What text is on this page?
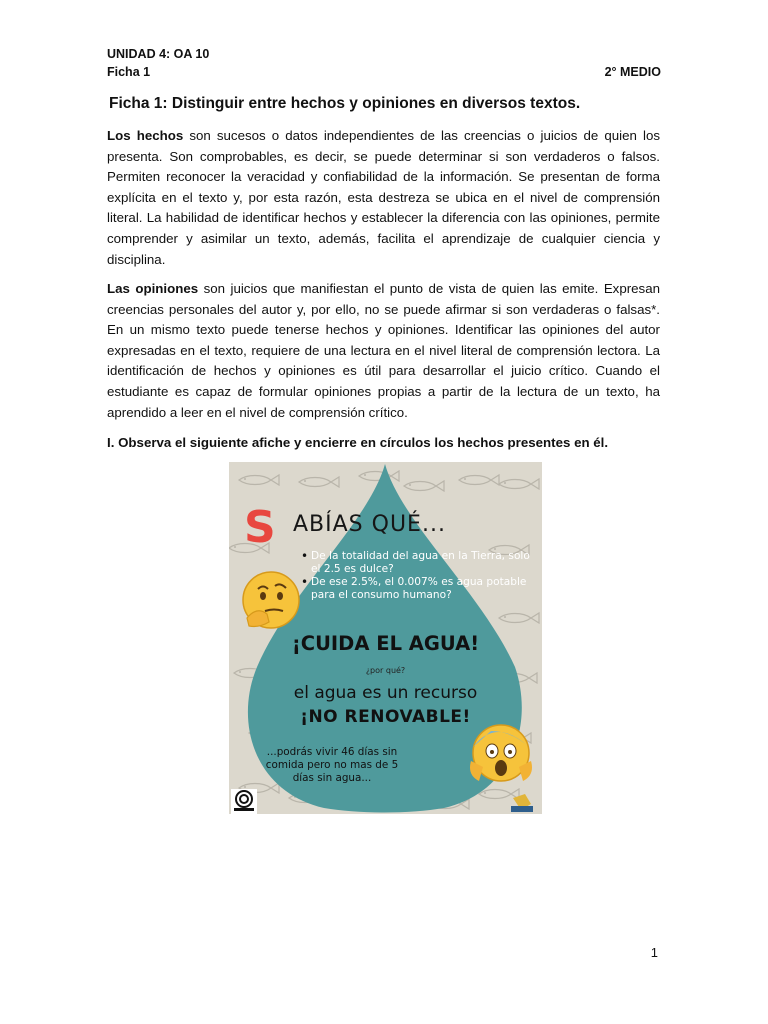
UNIDAD 4: OA 10
Ficha 1	2° MEDIO
Ficha 1: Distinguir entre hechos y opiniones en diversos textos.

Los hechos son sucesos o datos independientes de las creencias o juicios de quien los presenta. Son comprobables, es decir, se puede determinar si son verdaderos o falsos. Permiten reconocer la veracidad y confiabilidad de la información. Se presentan de forma explícita en el texto y, por esta razón, esta destreza se ubica en el nivel de comprensión literal. La habilidad de identificar hechos y establecer la diferencia con las opiniones, permite comprender y asimilar un texto, además, facilita el aprendizaje de cualquier ciencia y disciplina.

Las opiniones son juicios que manifiestan el punto de vista de quien las emite. Expresan creencias personales del autor y, por ello, no se puede afirmar si son verdaderas o falsas*. En un mismo texto puede tenerse hechos y opiniones. Identificar las opiniones del autor expresadas en el texto, requiere de una lectura en el nivel literal de comprensión lectora. La identificación de hechos y opiniones es útil para desarrollar el juicio crítico. Cuando el estudiante es capaz de formular opiniones propias a partir de la lectura de un texto, ha aprendido a leer en el nivel de comprensión crítico.

I. Observa el siguiente afiche y encierre en círculos los hechos presentes en él.
S ABÍAS QUÉ...
• De la totalidad del agua en la Tierra, solo el 2.5 es dulce?
• De ese 2.5%, el 0.007% es agua potable para el consumo humano?
¡CUIDA EL AGUA!
¿por qué?
el agua es un recurso
¡NO RENOVABLE!
...podrás vivir 46 días sin comida pero no mas de 5 días sin agua...
1
